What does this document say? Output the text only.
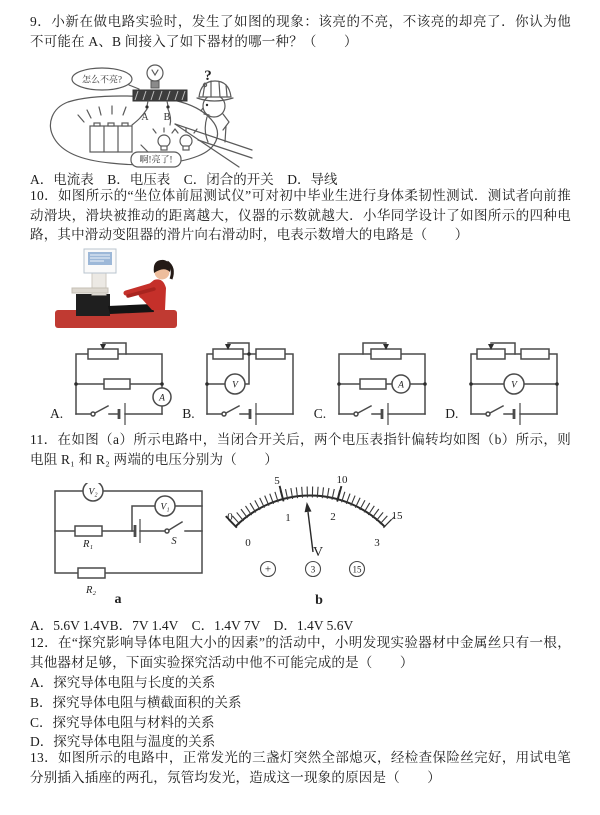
9．小新在做电路实验时，发生了如图的现象：该亮的不亮，不该亮的却亮了．你认为他不可能在 A、B 间接入了如下器材的哪一种？（　　）

A B
怎么不亮?
啊!亮了!
?

A．电流表　B．电压表　C．闭合的开关　D．导线

10．如图所示的“坐位体前屈测试仪”可对初中毕业生进行身体柔韧性测试．测试者向前推动滑块，滑块被推动的距离越大，仪器的示数就越大．小华同学设计了如图所示的四种电路，其中滑动变阻器的滑片向右滑动时，电表示数增大的电路是（　　）

A.
A
B.
V
C.
A
D.
V

11．在如图（a）所示电路中，当闭合开关后，两个电压表指针偏转均如图（b）所示，则电阻 R₁ 和 R₂ 两端的电压分别为（　　）

V₂
R₁	S
V₁
R₂
a
0
5	10
15
0
1	2
3
V
+	3	15
b

A．5.6V 1.4VB．7V 1.4V　C．1.4V 7V　D．1.4V 5.6V

12．在“探究影响导体电阻大小的因素”的活动中，小明发现实验器材中金属丝只有一根，其他器材足够，下面实验探究活动中他不可能完成的是（　　）

A．探究导体电阻与长度的关系

B．探究导体电阻与横截面积的关系

C．探究导体电阻与材料的关系

D．探究导体电阻与温度的关系

13．如图所示的电路中，正常发光的三盏灯突然全部熄灭，经检查保险丝完好，用试电笔分别插入插座的两孔，氖管均发光，造成这一现象的原因是（　　）
